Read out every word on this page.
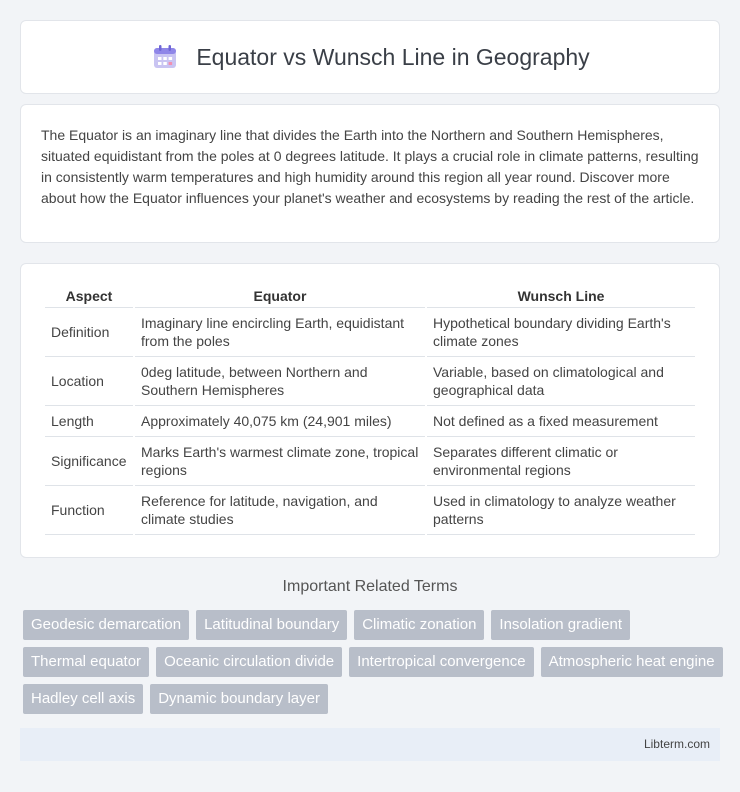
Equator vs Wunsch Line in Geography

The Equator is an imaginary line that divides the Earth into the Northern and Southern Hemispheres, situated equidistant from the poles at 0 degrees latitude. It plays a crucial role in climate patterns, resulting in consistently warm temperatures and high humidity around this region all year round. Discover more about how the Equator influences your planet's weather and ecosystems by reading the rest of the article.

Aspect	Equator	Wunsch Line
Definition	Imaginary line encircling Earth, equidistant from the poles	Hypothetical boundary dividing Earth's climate zones
Location	0deg latitude, between Northern and Southern Hemispheres	Variable, based on climatological and geographical data
Length	Approximately 40,075 km (24,901 miles)	Not defined as a fixed measurement
Significance	Marks Earth's warmest climate zone, tropical regions	Separates different climatic or environmental regions
Function	Reference for latitude, navigation, and climate studies	Used in climatology to analyze weather patterns
Important Related Terms
Geodesic demarcation	Latitudinal boundary	Climatic zonation	Insolation gradient
Thermal equator	Oceanic circulation divide	Intertropical convergence	Atmospheric heat engine
Hadley cell axis	Dynamic boundary layer
Libterm.com
